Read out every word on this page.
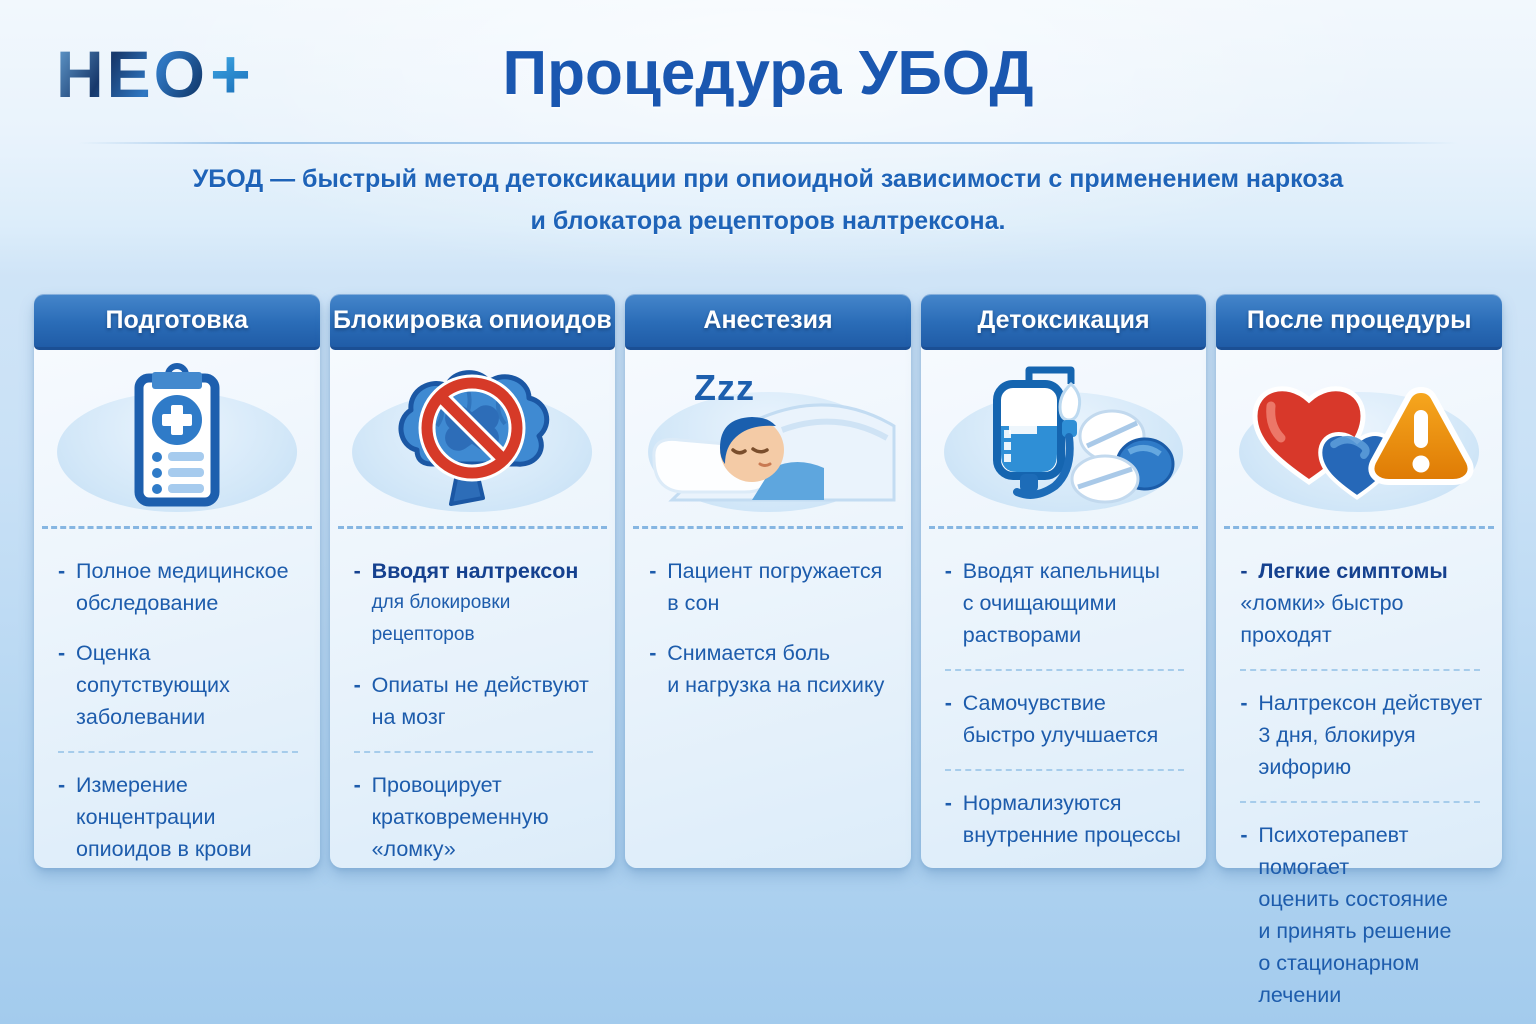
НЕО +	Процедура УБОД
УБОД — быстрый метод детоксикации при опиоидной зависимости с применением наркоза
и блокатора рецепторов налтрексона.
Подготовка
- Полное медицинское
обследование
- Оценка сопутствующих
заболевании
- Измерение концентрации
опиоидов в крови
Блокировка опиоидов
- Вводят налтрексон
для блокировки рецепторов
- Опиаты не действуют
на мозг
- Провоцирует
кратковременную
«ломку»
Анестезия
Zzz
- Пациент погружается
в сон
- Снимается боль
и нагрузка на психику
Детоксикация
- Вводят капельницы
с очищающими
растворами
- Самочувствие
быстро улучшается
- Нормализуются
внутренние процессы
После процедуры
- Легкие симптомы
«ломки» быстро проходят
- Налтрексон действует
3 дня, блокируя эифорию
- Психотерапевт помогает
оценить состояние
и принять решение
о стационарном лечении
